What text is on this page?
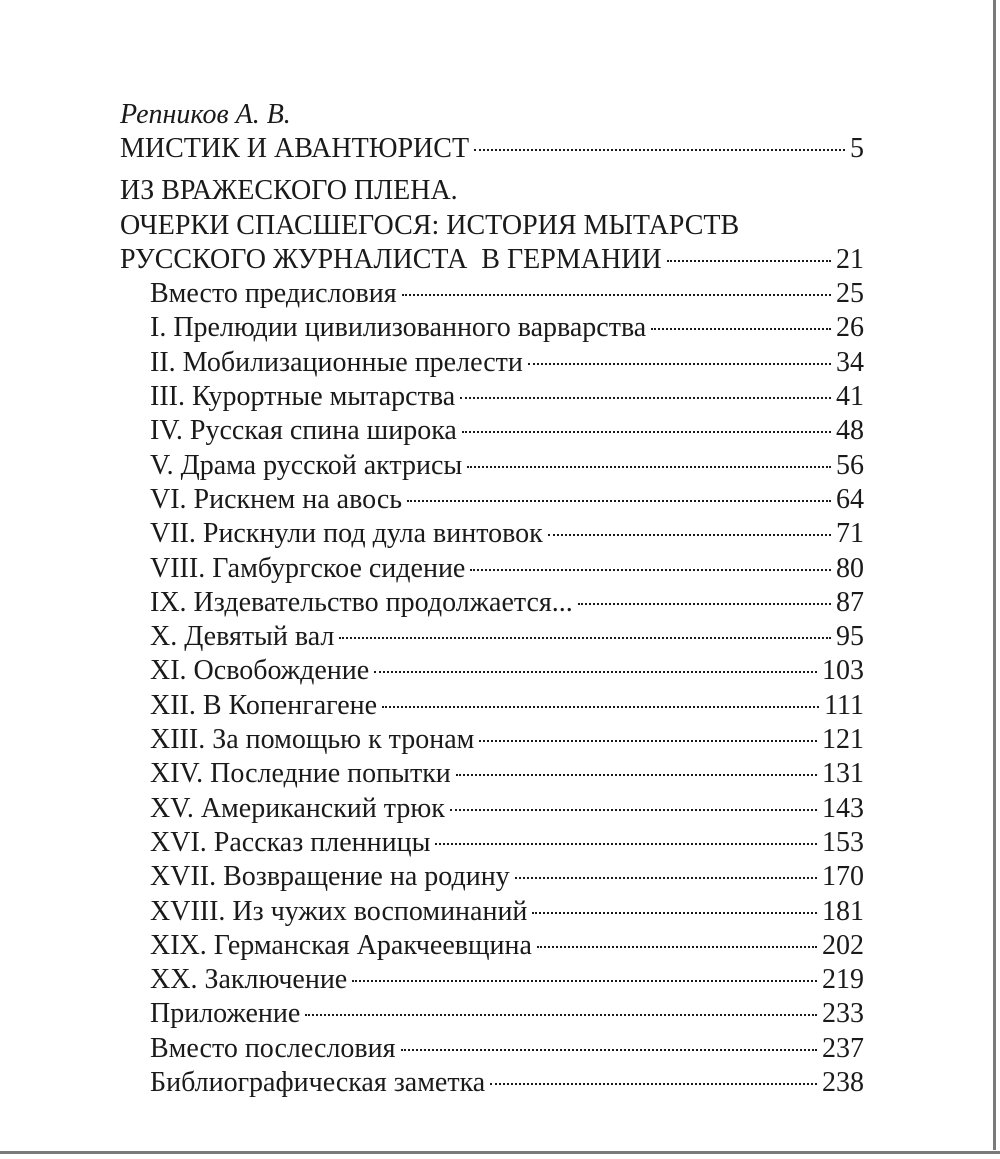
Репников А. В.
МИСТИК И АВАНТЮРИСТ	5
ИЗ ВРАЖЕСКОГО ПЛЕНА.
ОЧЕРКИ СПАСШЕГОСЯ: ИСТОРИЯ МЫТАРСТВ
РУССКОГО ЖУРНАЛИСТА  В ГЕРМАНИИ	21
Вместо предисловия	25
I. Прелюдии цивилизованного варварства	26
II. Мобилизационные прелести	34
III. Курортные мытарства	41
IV. Русская спина широка	48
V. Драма русской актрисы	56
VI. Рискнем на авось	64
VII. Рискнули под дула винтовок	71
VIII. Гамбургское сидение	80
IX. Издевательство продолжается...	87
X. Девятый вал	95
XI. Освобождение	103
XII. В Копенгагене	111
XIII. За помощью к тронам	121
XIV. Последние попытки	131
XV. Американский трюк	143
XVI. Рассказ пленницы	153
XVII. Возвращение на родину	170
XVIII. Из чужих воспоминаний	181
XIX. Германская Аракчеевщина	202
XX. Заключение	219
Приложение	233
Вместо послесловия	237
Библиографическая заметка	238
